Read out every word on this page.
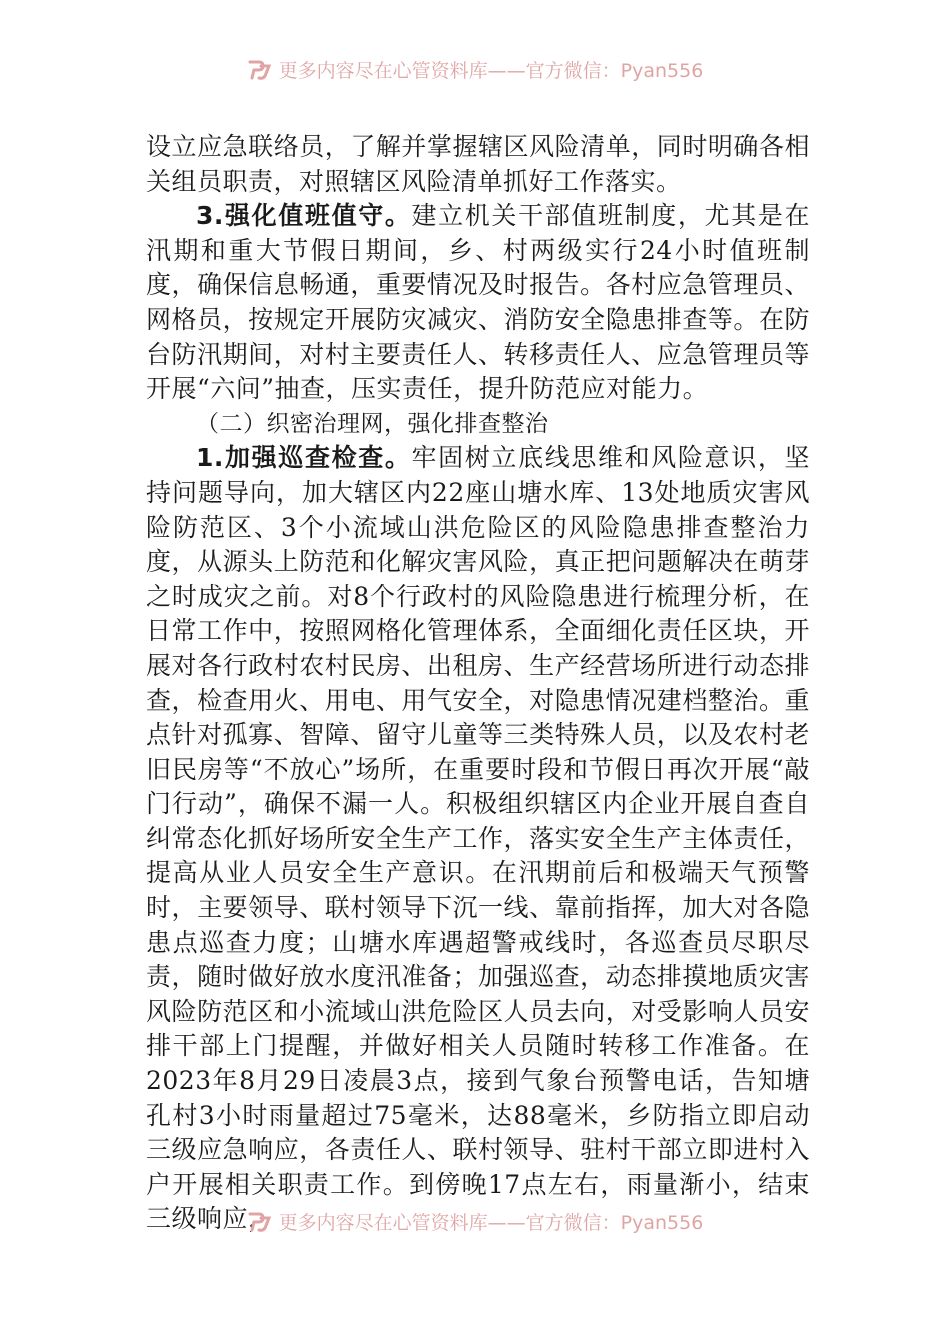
更多内容尽在心管资料库——官方微信：Pyan556

设立应急联络员，了解并掌握辖区风险清单，同时明确各相关组员职责，对照辖区风险清单抓好工作落实。

3.强化值班值守。建立机关干部值班制度，尤其是在汛期和重大节假日期间，乡、村两级实行24小时值班制度，确保信息畅通，重要情况及时报告。各村应急管理员、网格员，按规定开展防灾减灾、消防安全隐患排查等。在防台防汛期间，对村主要责任人、转移责任人、应急管理员等开展“六问”抽查，压实责任，提升防范应对能力。

（二）织密治理网，强化排查整治

1.加强巡查检查。牢固树立底线思维和风险意识，坚持问题导向，加大辖区内22座山塘水库、13处地质灾害风险防范区、3个小流域山洪危险区的风险隐患排查整治力度，从源头上防范和化解灾害风险，真正把问题解决在萌芽之时成灾之前。对8个行政村的风险隐患进行梳理分析，在日常工作中，按照网格化管理体系，全面细化责任区块，开展对各行政村农村民房、出租房、生产经营场所进行动态排查，检查用火、用电、用气安全，对隐患情况建档整治。重点针对孤寡、智障、留守儿童等三类特殊人员，以及农村老旧民房等“不放心”场所，在重要时段和节假日再次开展“敲门行动”，确保不漏一人。积极组织辖区内企业开展自查自纠常态化抓好场所安全生产工作，落实安全生产主体责任，提高从业人员安全生产意识。在汛期前后和极端天气预警时，主要领导、联村领导下沉一线、靠前指挥，加大对各隐患点巡查力度；山塘水库遇超警戒线时，各巡查员尽职尽责，随时做好放水度汛准备；加强巡查，动态排摸地质灾害风险防范区和小流域山洪危险区人员去向，对受影响人员安排干部上门提醒，并做好相关人员随时转移工作准备。在2023年8月29日凌晨3点，接到气象台预警电话，告知塘孔村3小时雨量超过75毫米，达88毫米，乡防指立即启动三级应急响应，各责任人、联村领导、驻村干部立即进村入户开展相关职责工作。到傍晚17点左右，雨量渐小，结束三级响应， 更多内容尽在心管资料库——官方微信：Pyan556
